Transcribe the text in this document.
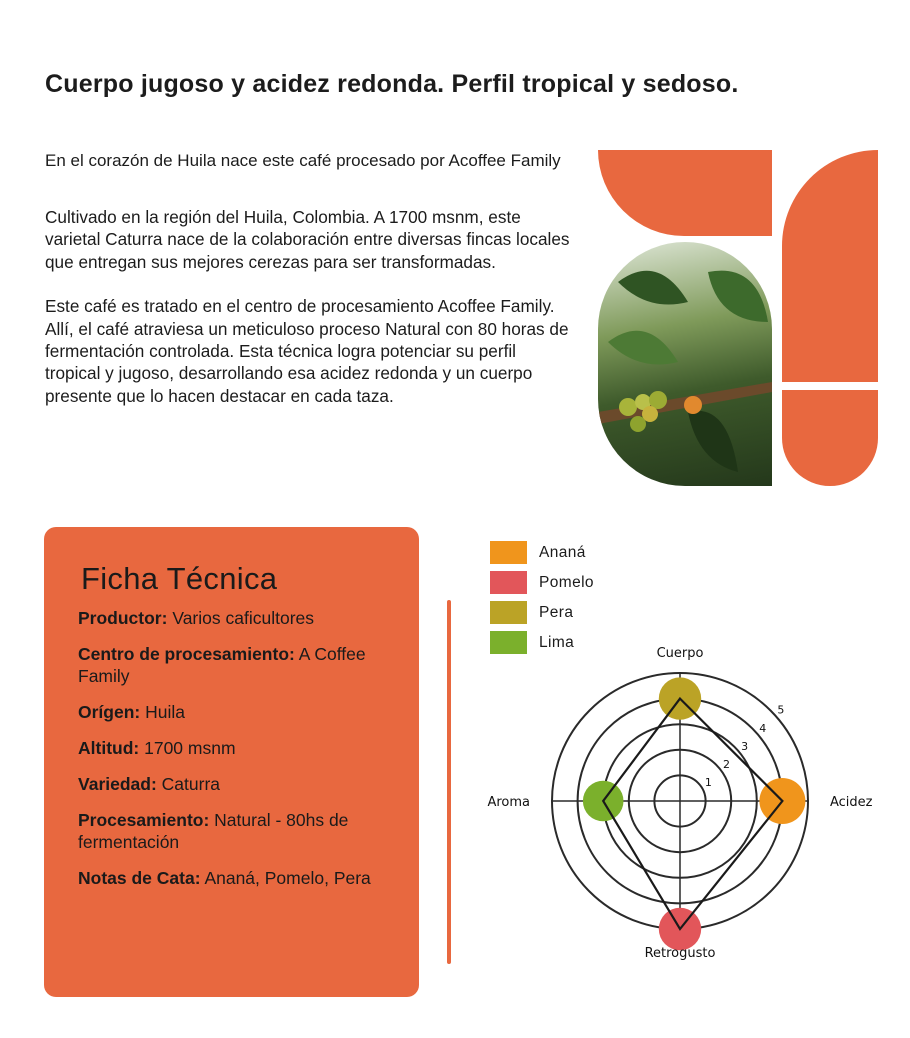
Cuerpo jugoso y acidez redonda. Perfil tropical y sedoso.
En el corazón de Huila nace este café procesado por Acoffee Family

Cultivado en la región del Huila, Colombia. A 1700 msnm, este varietal Caturra nace de la colaboración entre diversas fincas locales que entregan sus mejores cerezas para ser transformadas.

Este café es tratado en el centro de procesamiento Acoffee Family. Allí, el café atraviesa un meticuloso proceso Natural con 80 horas de fermentación controlada. Esta técnica logra potenciar su perfil tropical y jugoso, desarrollando esa acidez redonda y un cuerpo presente que lo hacen destacar en cada taza.

Ficha Técnica
Productor: Varios caficultores
Centro de procesamiento: A Coffee Family
Orígen: Huila
Altitud: 1700 msnm
Variedad: Caturra
Procesamiento: Natural - 80hs de fermentación
Notas de Cata: Ananá, Pomelo, Pera
Ananá
Pomelo
Pera
Lima
1
2
3
4
5
Cuerpo
Acidez
Retrogusto
Aroma
